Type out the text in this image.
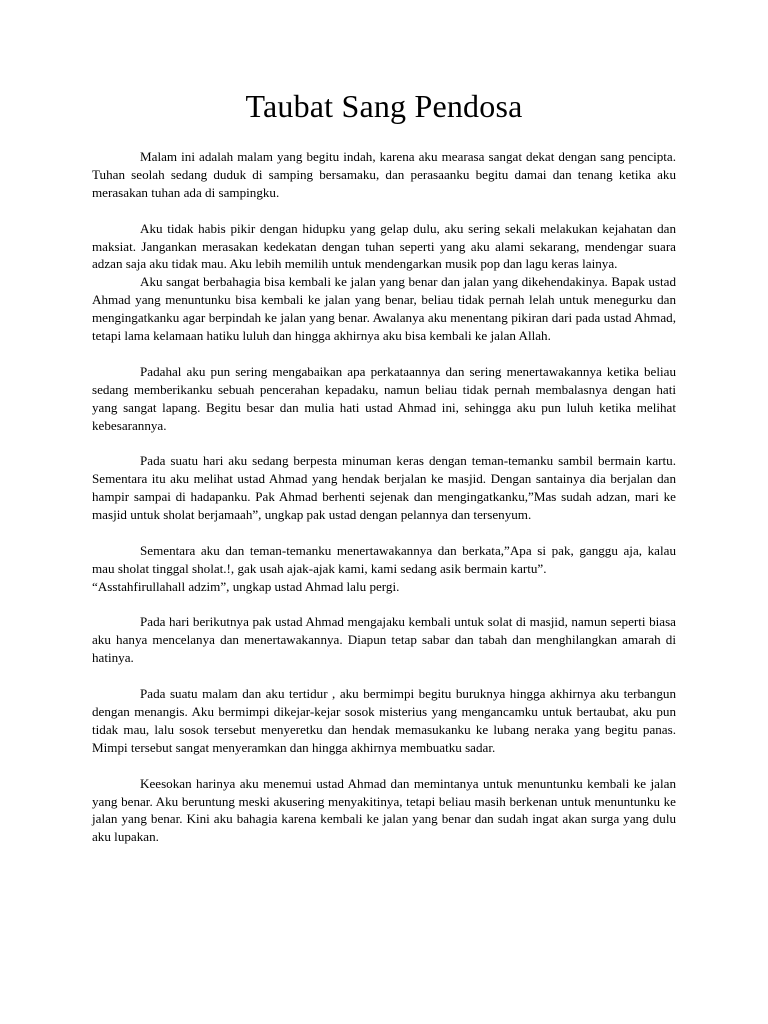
Taubat Sang Pendosa

Malam ini adalah malam yang begitu indah, karena aku mearasa sangat dekat dengan sang pencipta. Tuhan seolah sedang duduk di samping bersamaku, dan perasaanku begitu damai dan tenang ketika aku merasakan tuhan ada di sampingku.

Aku tidak habis pikir dengan hidupku yang gelap dulu, aku sering sekali melakukan kejahatan dan maksiat. Jangankan merasakan kedekatan dengan tuhan seperti yang aku alami sekarang, mendengar suara adzan saja aku tidak mau. Aku lebih memilih untuk mendengarkan musik pop dan lagu keras lainya.

Aku sangat berbahagia bisa kembali ke jalan yang benar dan jalan yang dikehendakinya. Bapak ustad Ahmad yang menuntunku bisa kembali ke jalan yang benar, beliau tidak pernah lelah untuk menegurku dan mengingatkanku agar berpindah ke jalan yang benar. Awalanya aku menentang pikiran dari pada ustad Ahmad, tetapi lama kelamaan hatiku luluh dan hingga akhirnya aku bisa kembali ke jalan Allah.

Padahal aku pun sering mengabaikan apa perkataannya dan sering menertawakannya ketika beliau sedang memberikanku sebuah pencerahan kepadaku, namun beliau tidak pernah membalasnya dengan hati yang sangat lapang. Begitu besar dan mulia hati ustad Ahmad ini, sehingga aku pun luluh ketika melihat kebesarannya.

Pada suatu hari aku sedang berpesta minuman keras dengan teman-temanku sambil bermain kartu. Sementara itu aku melihat ustad Ahmad yang hendak berjalan ke masjid. Dengan santainya dia berjalan dan hampir sampai di hadapanku. Pak Ahmad berhenti sejenak dan mengingatkanku,”Mas sudah adzan, mari ke masjid untuk sholat berjamaah”, ungkap pak ustad dengan pelannya dan tersenyum.

Sementara aku dan teman-temanku menertawakannya dan berkata,”Apa si pak, ganggu aja, kalau mau sholat tinggal sholat.!, gak usah ajak-ajak kami, kami sedang asik bermain kartu”.

“Asstahfirullahall adzim”, ungkap ustad Ahmad lalu pergi.

Pada hari berikutnya pak ustad Ahmad mengajaku kembali untuk solat di masjid, namun seperti biasa aku hanya mencelanya dan menertawakannya. Diapun tetap sabar dan tabah dan menghilangkan amarah di hatinya.

Pada suatu malam dan aku tertidur , aku bermimpi begitu buruknya hingga akhirnya aku terbangun dengan menangis. Aku bermimpi dikejar-kejar sosok misterius yang mengancamku untuk bertaubat, aku pun tidak mau, lalu sosok tersebut menyeretku dan hendak memasukanku ke lubang neraka yang begitu panas. Mimpi tersebut sangat menyeramkan dan hingga akhirnya membuatku sadar.

Keesokan harinya aku menemui ustad Ahmad dan memintanya untuk menuntunku kembali ke jalan yang benar. Aku beruntung meski akusering menyakitinya, tetapi beliau masih berkenan untuk menuntunku ke jalan yang benar. Kini aku bahagia karena kembali ke jalan yang benar dan sudah ingat akan surga yang dulu aku lupakan.
